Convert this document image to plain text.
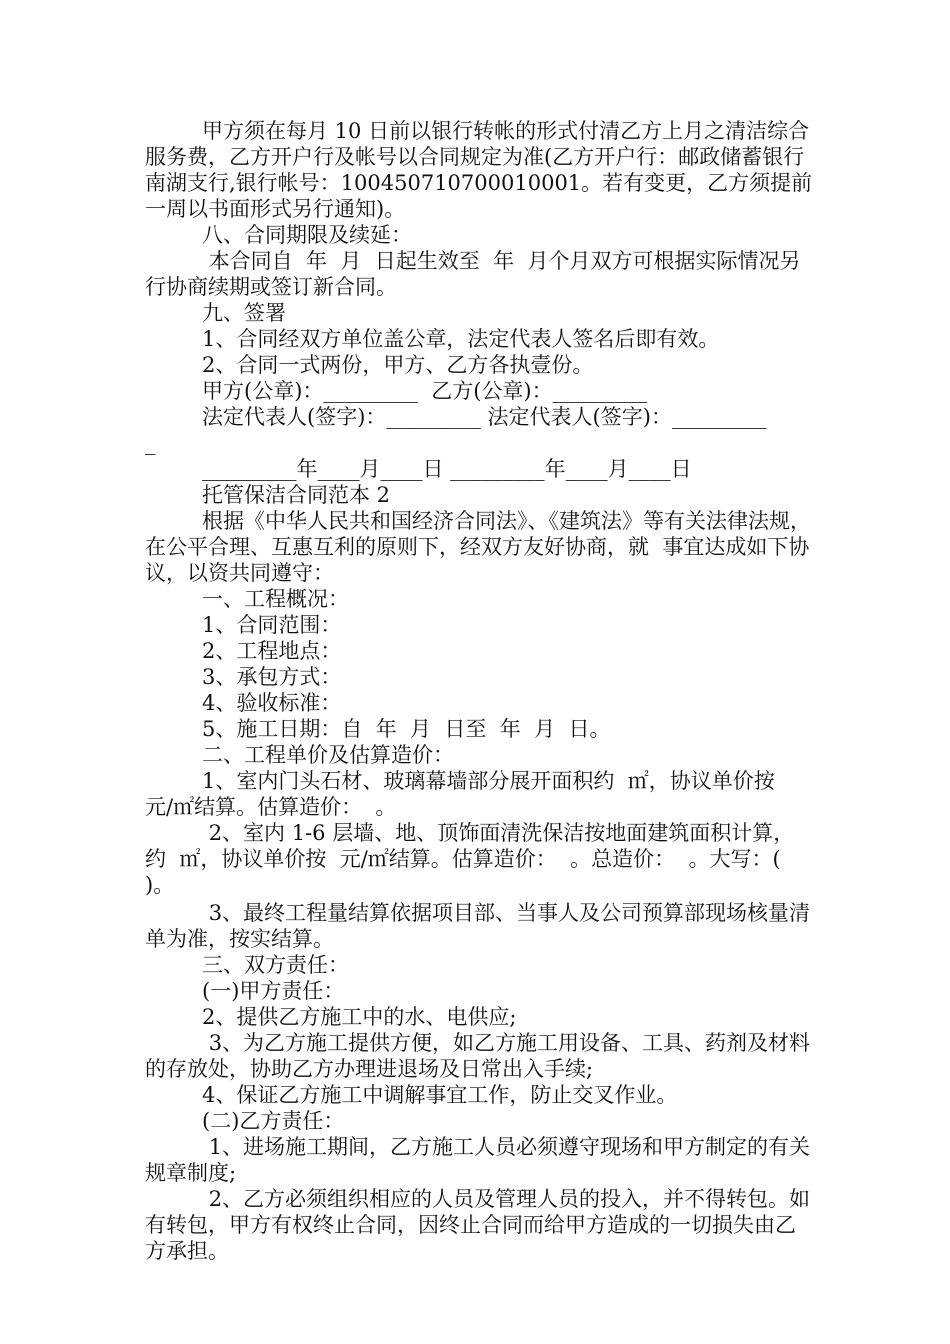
甲方须在每月 10 日前以银行转帐的形式付清乙方上月之清洁综合服务费，乙方开户行及帐号以合同规定为准(乙方开户行：邮政储蓄银行南湖支行,银行帐号：100450710700010001。若有变更，乙方须提前一周以书面形式另行通知)。

八、合同期限及续延：

本合同自  年  月  日起生效至  年  月个月双方可根据实际情况另行协商续期或签订新合同。

九、签署

1、合同经双方单位盖公章，法定代表人签名后即有效。

2、合同一式两份，甲方、乙方各执壹份。

甲方(公章)：_________  乙方(公章)：_________

法定代表人(签字)：_________ 法定代表人(签字)：_________

_

_________年____月____日 _________年____月____日

托管保洁合同范本 2

根据《中华人民共和国经济合同法》、《建筑法》等有关法律法规，在公平合理、互惠互利的原则下，经双方友好协商，就  事宜达成如下协议，以资共同遵守：

一、工程概况：

1、合同范围：

2、工程地点：

3、承包方式：

4、验收标准：

5、施工日期：自  年  月  日至  年  月  日。

二、工程单价及估算造价：

1、室内门头石材、玻璃幕墙部分展开面积约  ㎡，协议单价按  元/㎡结算。估算造价：  。

2、室内 1-6 层墙、地、顶饰面清洗保洁按地面建筑面积计算，约  ㎡，协议单价按  元/㎡结算。估算造价：  。总造价：  。大写：( )。

3、最终工程量结算依据项目部、当事人及公司预算部现场核量清单为准，按实结算。

三、双方责任：

(一)甲方责任：

2、提供乙方施工中的水、电供应;

3、为乙方施工提供方便，如乙方施工用设备、工具、药剂及材料的存放处，协助乙方办理进退场及日常出入手续;

4、保证乙方施工中调解事宜工作，防止交叉作业。

(二)乙方责任：

1、进场施工期间，乙方施工人员必须遵守现场和甲方制定的有关规章制度;

2、乙方必须组织相应的人员及管理人员的投入，并不得转包。如有转包，甲方有权终止合同，因终止合同而给甲方造成的一切损失由乙方承担。
